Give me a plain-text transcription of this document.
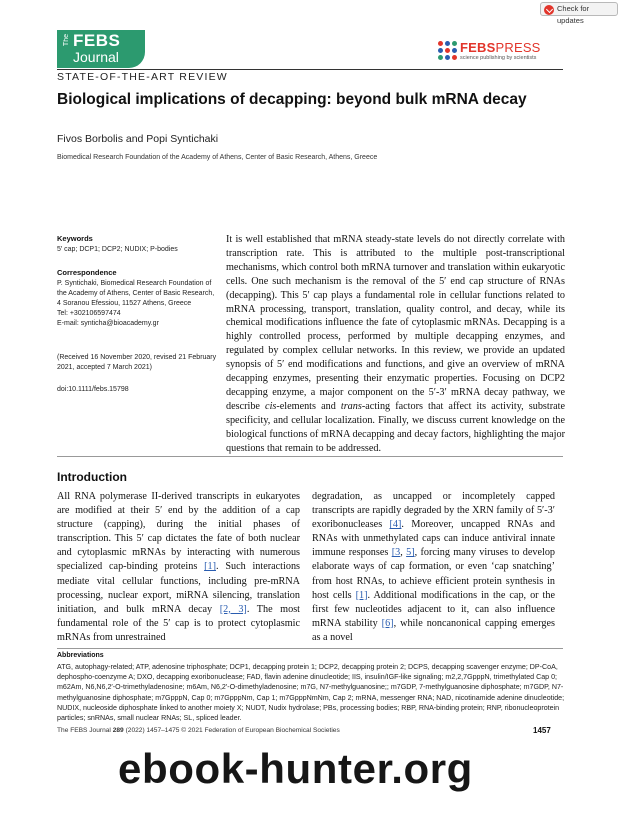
Check for updates
The FEBS
Journal
FEBSPRESS
science publishing by scientists
STATE-OF-THE-ART REVIEW
Biological implications of decapping: beyond bulk mRNA decay
Fivos Borbolis and Popi Syntichaki
Biomedical Research Foundation of the Academy of Athens, Center of Basic Research, Athens, Greece
Keywords
5′ cap; DCP1; DCP2; NUDIX; P-bodies
Correspondence
P. Syntichaki, Biomedical Research Foundation of the Academy of Athens, Center of Basic Research, 4 Soranou Efessiou, 11527 Athens, Greece
Tel: +302106597474
E-mail: synticha@bioacademy.gr
(Received 16 November 2020, revised 21 February 2021, accepted 7 March 2021)
doi:10.1111/febs.15798

It is well established that mRNA steady-state levels do not directly correlate with transcription rate. This is attributed to the multiple post-transcriptional mechanisms, which control both mRNA turnover and translation within eukaryotic cells. One such mechanism is the removal of the 5′ end cap structure of RNAs (decapping). This 5′ cap plays a fundamental role in cellular functions related to mRNA processing, transport, translation, quality control, and decay, while its chemical modifications influence the fate of cytoplasmic mRNAs. Decapping is a highly controlled process, performed by multiple decapping enzymes, and regulated by complex cellular networks. In this review, we provide an updated synopsis of 5′ end modifications and functions, and give an overview of mRNA decapping enzymes, presenting their enzymatic properties. Focusing on DCP2 decapping enzyme, a major component on the 5′-3′ mRNA decay pathway, we describe cis-elements and trans-acting factors that affect its activity, substrate specificity, and cellular localization. Finally, we discuss current knowledge on the biological functions of mRNA decapping and decay factors, highlighting the major questions that remain to be addressed.

Introduction

All RNA polymerase II-derived transcripts in eukaryotes are modified at their 5′ end by the addition of a cap structure (capping), during the initial phases of transcription. This 5′ cap dictates the fate of both nuclear and cytoplasmic mRNAs by interacting with numerous specialized cap-binding proteins [1]. Such interactions mediate vital cellular functions, including pre-mRNA processing, nuclear export, miRNA silencing, translation initiation, and bulk mRNA decay [2, 3]. The most fundamental role of the 5′ cap is to protect cytoplasmic mRNAs from unrestrained

degradation, as uncapped or incompletely capped transcripts are rapidly degraded by the XRN family of 5′-3′ exoribonucleases [4]. Moreover, uncapped RNAs and RNAs with unmethylated caps can induce antiviral innate immune responses [3, 5], forcing many viruses to develop elaborate ways of cap formation, or even ‘cap snatching’ from host RNAs, to achieve efficient protein synthesis in host cells [1]. Additional modifications in the cap, or the first few nucleotides adjacent to it, can also influence mRNA stability [6], while noncanonical capping emerges as a novel

Abbreviations
ATG, autophagy-related; ATP, adenosine triphosphate; DCP1, decapping protein 1; DCP2, decapping protein 2; DCPS, decapping scavenger enzyme; DP-CoA, dephospho-coenzyme A; DXO, decapping exoribonuclease; FAD, flavin adenine dinucleotide; IIS, insulin/IGF-like signaling; m2,2,7GpppN, trimethylated Cap 0; m62Am, N6,N6,2′-O-trimethyladenosine; m6Am, N6,2′-O-dimethyladenosine; m7G, N7-methylguanosine;; m7GDP, 7-methylguanosine diphosphate; m7GDP, N7-methylguanosine diphosphate; m7GpppN, Cap 0; m7GpppNm, Cap 1; m7GpppNmNm, Cap 2; mRNA, messenger RNA; NAD, nicotinamide adenine dinucleotide; NUDIX, nucleoside diphosphate linked to another moiety X; NUDT, Nudix hydrolase; PBs, processing bodies; RBP, RNA-binding protein; RNP, ribonucleoprotein particles; snRNAs, small nuclear RNAs; SL, spliced leader.
The FEBS Journal 289 (2022) 1457–1475 © 2021 Federation of European Biochemical Societies	1457
ebook-hunter.org
